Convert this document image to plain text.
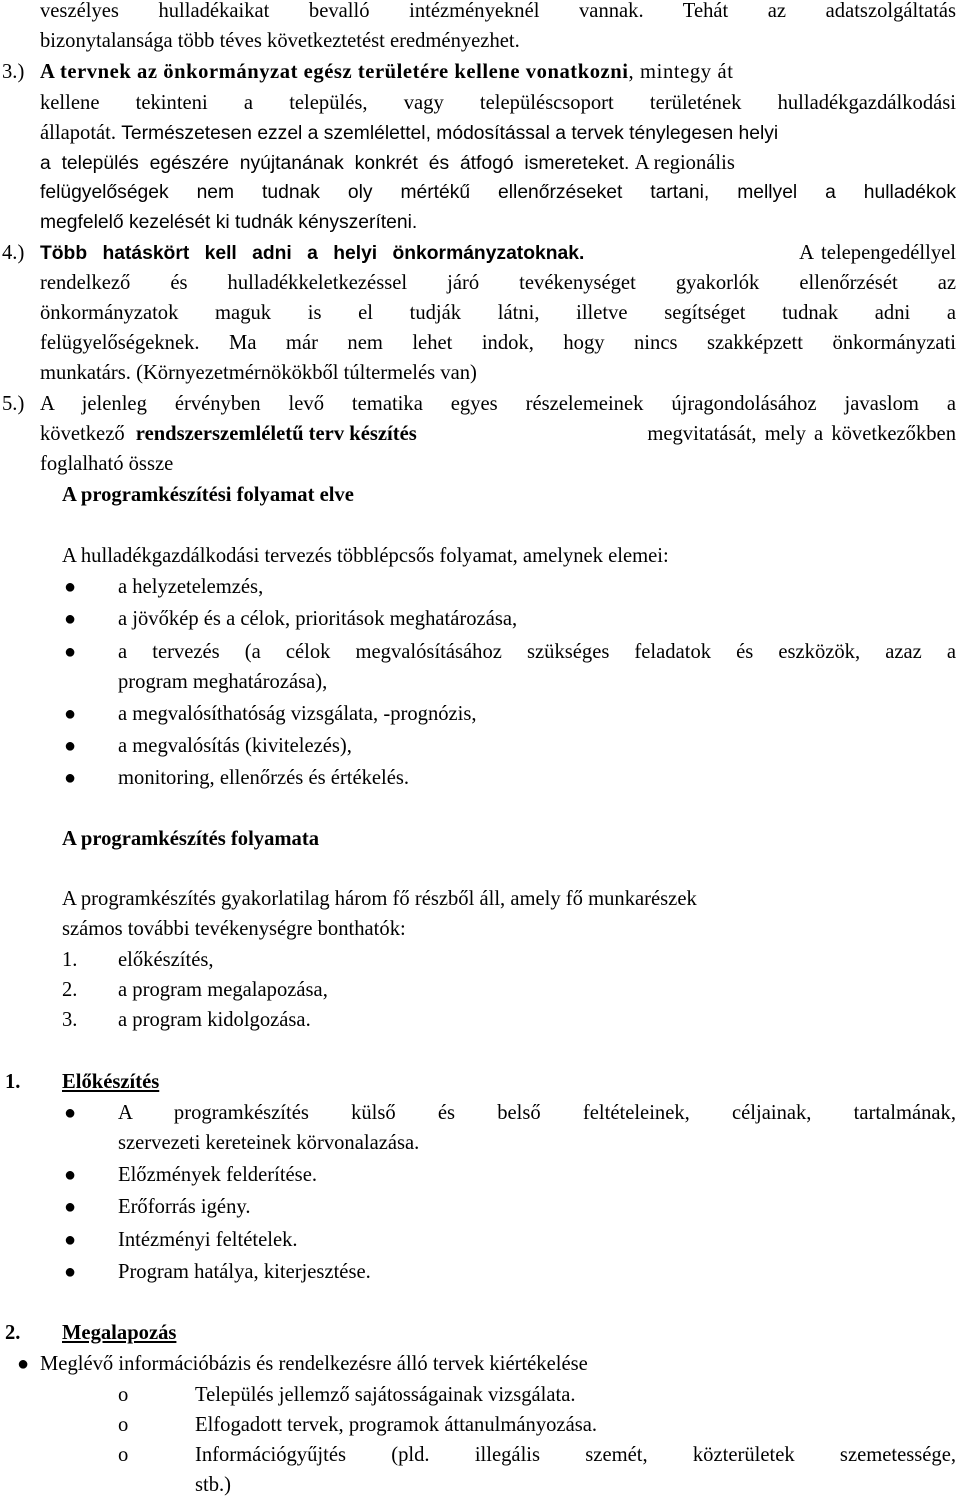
veszélyes hulladékaikat bevalló intézményeknél vannak. Tehát az adatszolgáltatás
bizonytalansága több téves következtetést eredményezhet.
3.) A tervnek az önkormányzat egész területére kellene vonatkozni, mintegy át
kellene tekinteni a település, vagy településcsoport területének hulladékgazdálkodási
állapotát. Természetesen ezzel a szemlélettel, módosítással a tervek ténylegesen helyi
a település egészére nyújtanának konkrét és átfogó ismereteket. A regionális
felügyelőségek nem tudnak oly mértékű ellenőrzéseket tartani, mellyel a hulladékok
megfelelő kezelését ki tudnák kényszeríteni.
4.) Több hatáskört kell adni a helyi önkormányzatoknak.	A telepengedéllyel
rendelkező és hulladékkeletkezéssel járó tevékenységet gyakorlók ellenőrzését az
önkormányzatok maguk is el tudják látni, illetve segítséget tudnak adni a
felügyelőségeknek. Ma már nem lehet indok, hogy nincs szakképzett önkormányzati
munkatárs. (Környezetmérnökökből túltermelés van)
5.) A jelenleg érvényben levő tematika egyes részelemeinek újragondolásához javaslom a
következő rendszerszemléletű terv készítés	megvitatását, mely a következőkben
foglalható össze
A programkészítési folyamat elve
A hulladékgazdálkodási tervezés többlépcsős folyamat, amelynek elemei:
● a helyzetelemzés,
● a jövőkép és a célok, prioritások meghatározása,
● a tervezés (a célok megvalósításához szükséges feladatok és eszközök, azaz a
program meghatározása),
● a megvalósíthatóság vizsgálata, -prognózis,
● a megvalósítás (kivitelezés),
● monitoring, ellenőrzés és értékelés.
A programkészítés folyamata
A programkészítés gyakorlatilag három fő részből áll, amely fő munkarészek
számos további tevékenységre bonthatók:
1. előkészítés,
2. a program megalapozása,
3. a program kidolgozása.
1. Előkészítés
● A programkészítés külső és belső feltételeinek, céljainak, tartalmának,
szervezeti kereteinek körvonalazása.
● Előzmények felderítése.
● Erőforrás igény.
● Intézményi feltételek.
● Program hatálya, kiterjesztése.
2. Megalapozás
● Meglévő információbázis és rendelkezésre álló tervek kiértékelése
o	Település jellemző sajátosságainak vizsgálata.
o	Elfogadott tervek, programok áttanulmányozása.
o	Információgyűjtés (pld. illegális szemét, közterületek szemetessége,
stb.)
